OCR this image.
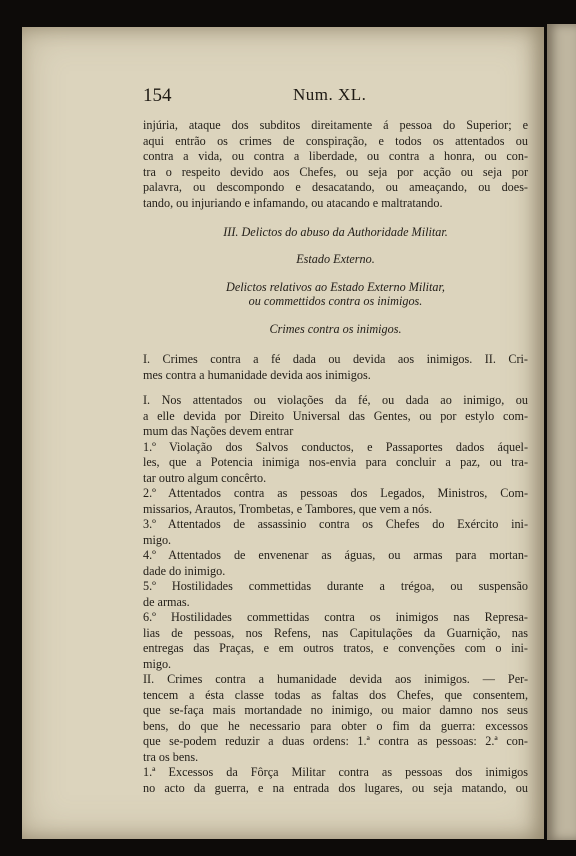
154	Num. XL.
injúria, ataque dos subditos direitamente á pessoa do Superior; e
aqui entrão os crimes de conspiração, e todos os attentados ou
contra a vida, ou contra a liberdade, ou contra a honra, ou con-
tra o respeito devido aos Chefes, ou seja por acção ou seja por
palavra, ou descompondo e desacatando, ou ameaçando, ou does-
tando, ou injuriando e infamando, ou atacando e maltratando.
III. Delictos do abuso da Authoridade Militar.
Estado Externo.
Delictos relativos ao Estado Externo Militar,
ou commettidos contra os inimigos.
Crimes contra os inimigos.
I. Crimes contra a fé dada ou devida aos inimigos. II. Cri-
mes contra a humanidade devida aos inimigos.
I. Nos attentados ou violações da fé, ou dada ao inimigo, ou
a elle devida por Direito Universal das Gentes, ou por estylo com-
mum das Nações devem entrar
1.º Violação dos Salvos conductos, e Passaportes dados áquel-
les, que a Potencia inimiga nos-envia para concluir a paz, ou tra-
tar outro algum concêrto.
2.º Attentados contra as pessoas dos Legados, Ministros, Com-
missarios, Arautos, Trombetas, e Tambores, que vem a nós.
3.º Attentados de assassinio contra os Chefes do Exército ini-
migo.
4.º Attentados de envenenar as águas, ou armas para mortan-
dade do inimigo.
5.º Hostilidades commettidas durante a trégoa, ou suspensão
de armas.
6.º Hostilidades commettidas contra os inimigos nas Represa-
lias de pessoas, nos Refens, nas Capitulações da Guarnição, nas
entregas das Praças, e em outros tratos, e convenções com o ini-
migo.
II. Crimes contra a humanidade devida aos inimigos. — Per-
tencem a ésta classe todas as faltas dos Chefes, que consentem,
que se-faça mais mortandade no inimigo, ou maior damno nos seus
bens, do que he necessario para obter o fim da guerra: excessos
que se-podem reduzir a duas ordens: 1.ª contra as pessoas: 2.ª con-
tra os bens.
1.ª Excessos da Fôrça Militar contra as pessoas dos inimigos
no acto da guerra, e na entrada dos lugares, ou seja matando, ou
